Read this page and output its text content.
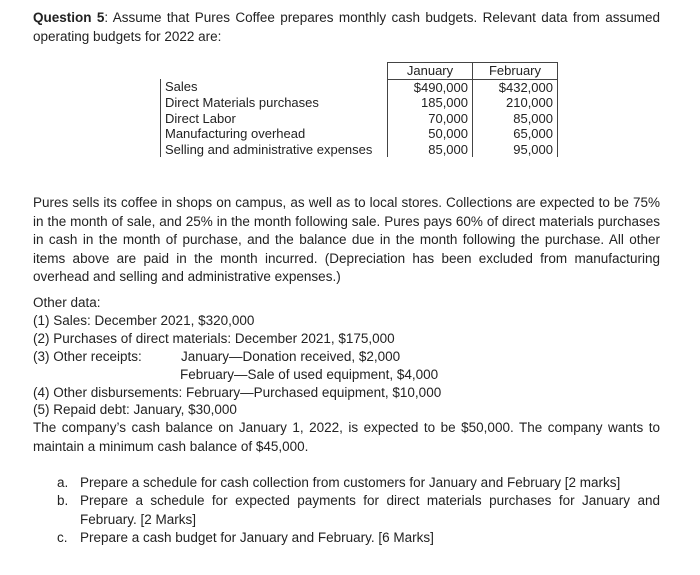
Question 5: Assume that Pures Coffee prepares monthly cash budgets. Relevant data from assumed operating budgets for 2022 are:
	January	February
Sales	$490,000	$432,000
Direct Materials purchases	185,000	210,000
Direct Labor	70,000	85,000
Manufacturing overhead	50,000	65,000
Selling and administrative expenses	85,000	95,000
Pures sells its coffee in shops on campus, as well as to local stores. Collections are expected to be 75% in the month of sale, and 25% in the month following sale. Pures pays 60% of direct materials purchases in cash in the month of purchase, and the balance due in the month following the purchase. All other items above are paid in the month incurred. (Depreciation has been excluded from manufacturing overhead and selling and administrative expenses.)
Other data:
(1) Sales: December 2021, $320,000
(2) Purchases of direct materials: December 2021, $175,000
(3) Other receipts:	January—Donation received, $2,000
February—Sale of used equipment, $4,000
(4) Other disbursements: February—Purchased equipment, $10,000
(5) Repaid debt: January, $30,000
The company’s cash balance on January 1, 2022, is expected to be $50,000. The company wants to maintain a minimum cash balance of $45,000.
a. Prepare a schedule for cash collection from customers for January and February [2 marks]
b. Prepare a schedule for expected payments for direct materials purchases for January and February. [2 Marks]
c. Prepare a cash budget for January and February. [6 Marks]
